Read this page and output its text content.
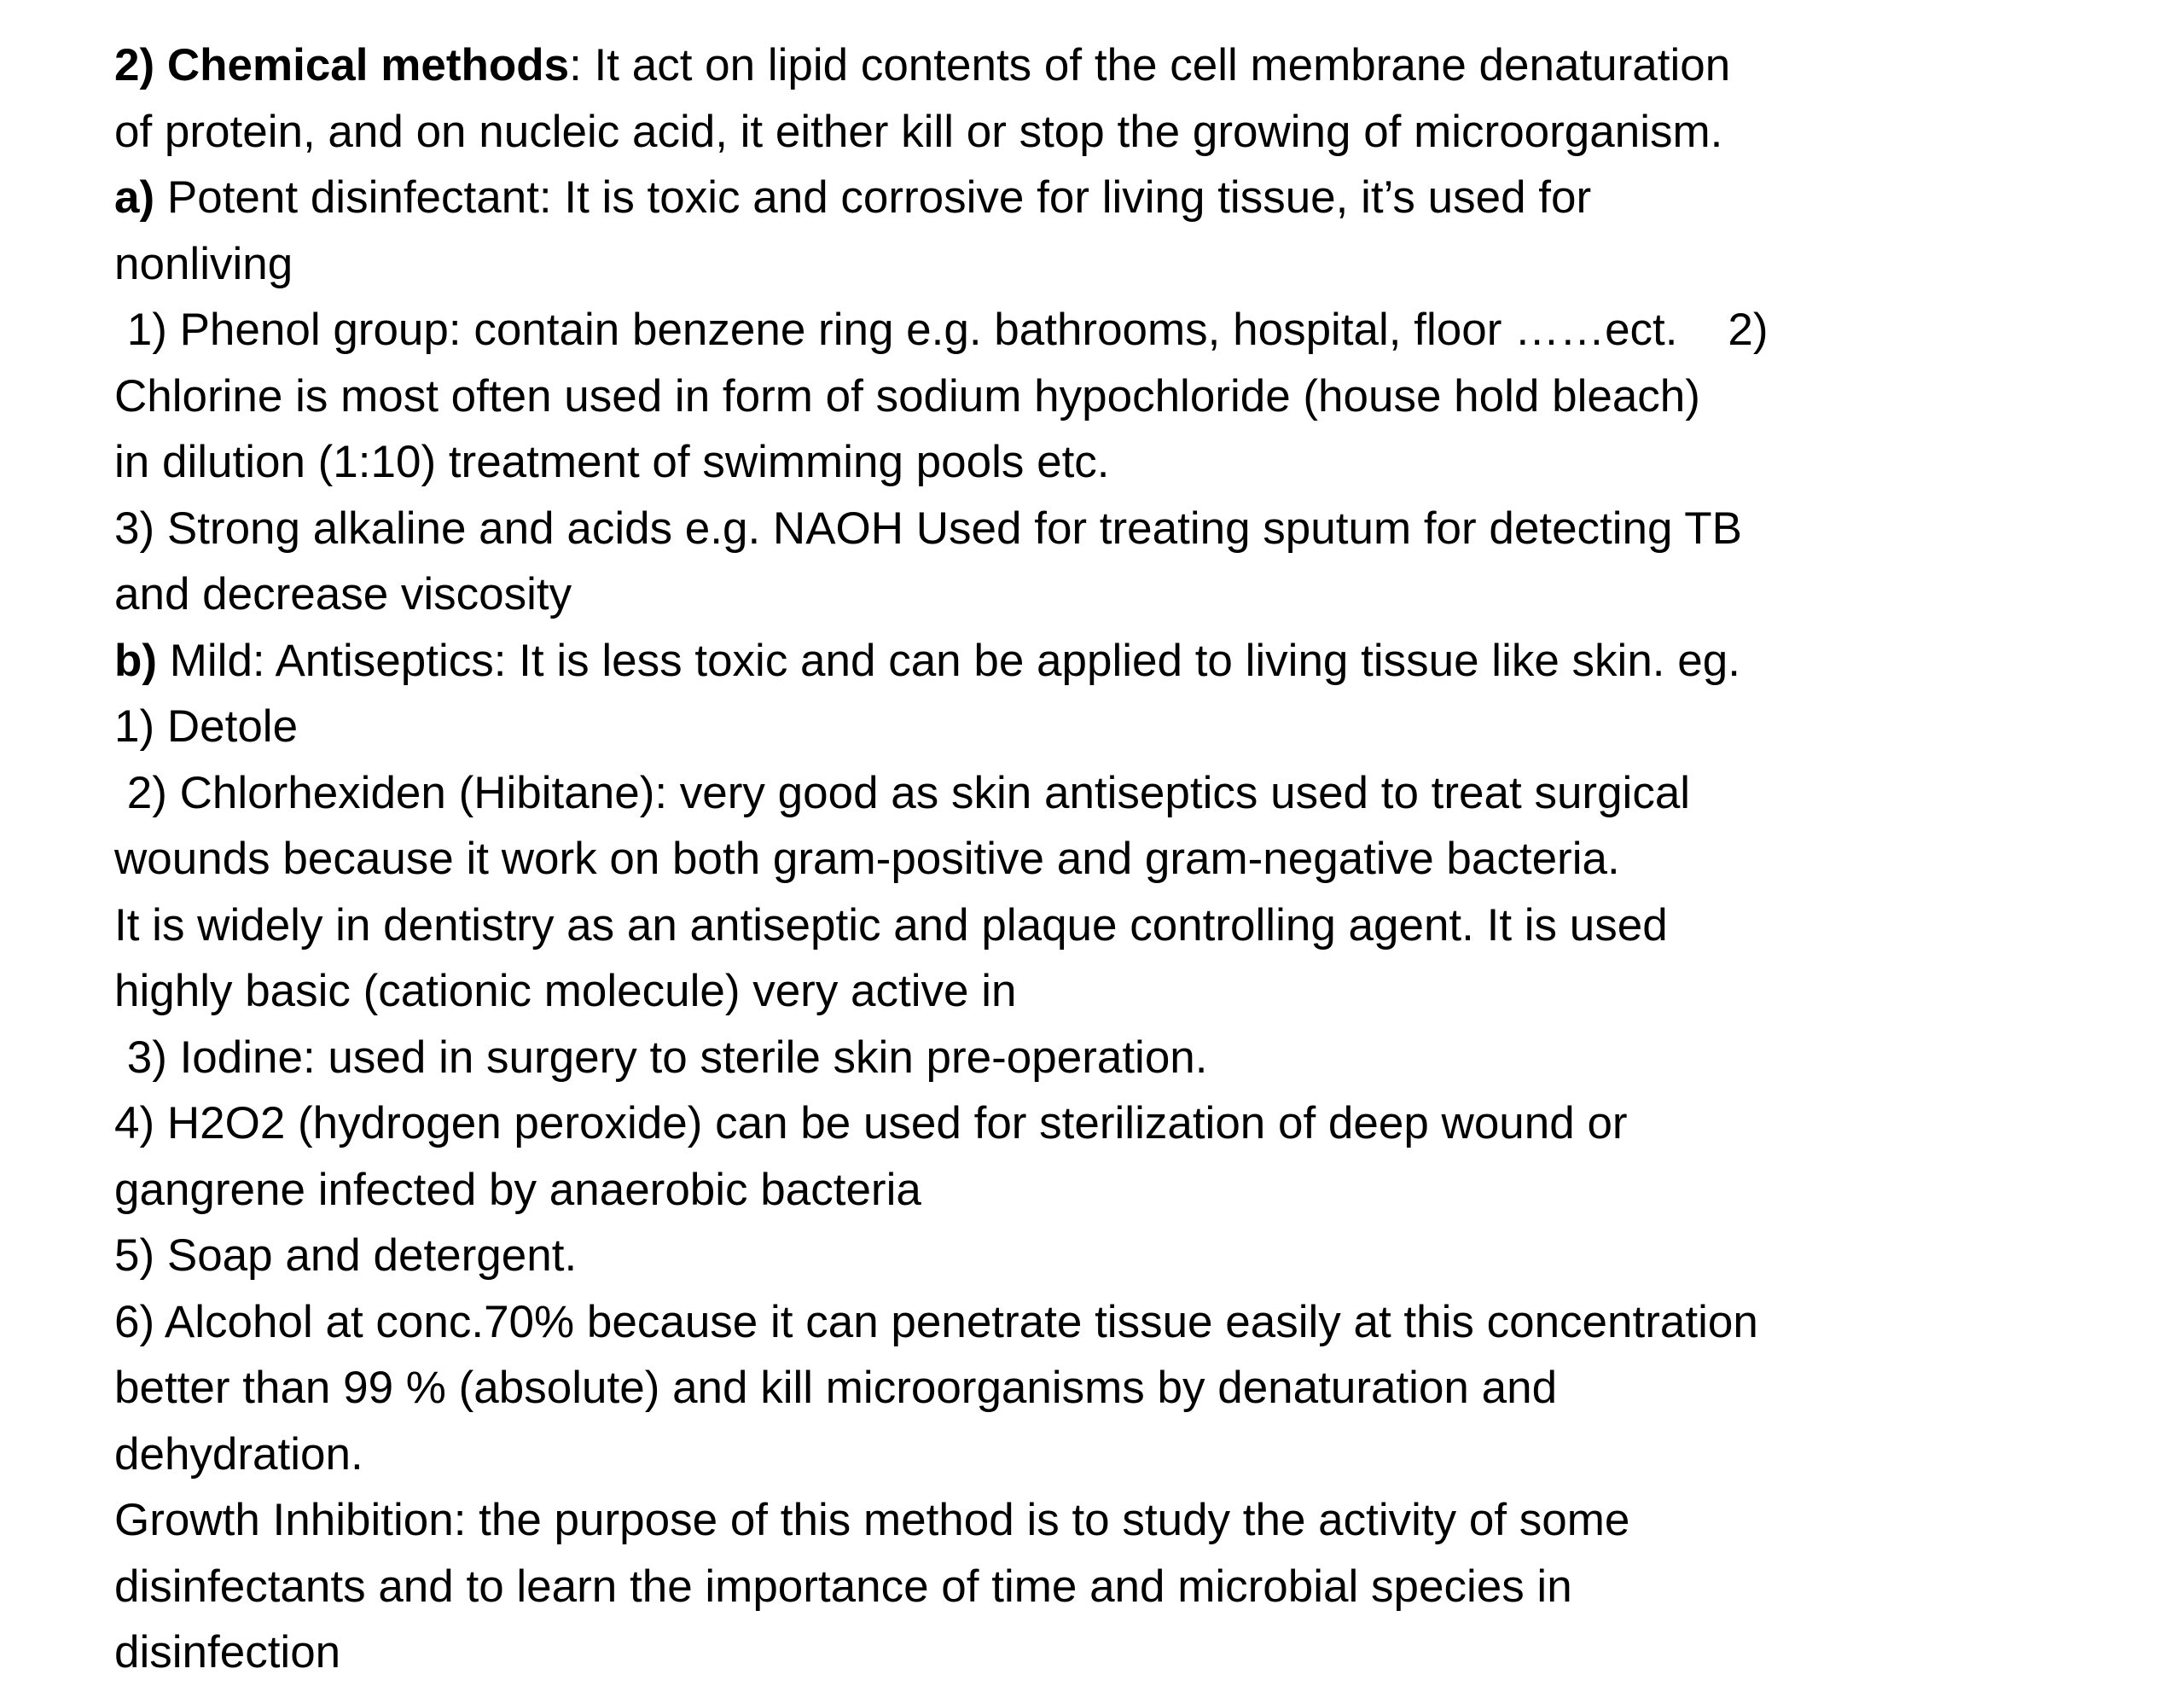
2) Chemical methods: It act on lipid contents of the cell membrane denaturation
of protein, and on nucleic acid, it either kill or stop the growing of microorganism.
a) Potent disinfectant: It is toxic and corrosive for living tissue, it’s used for
nonliving
1) Phenol group: contain benzene ring e.g. bathrooms, hospital, floor ……ect.    2)
Chlorine is most often used in form of sodium hypochloride (house hold bleach)
in dilution (1:10) treatment of swimming pools etc.
3) Strong alkaline and acids e.g. NAOH Used for treating sputum for detecting TB
and decrease viscosity
b) Mild: Antiseptics: It is less toxic and can be applied to living tissue like skin. eg.
1) Detole
2) Chlorhexiden (Hibitane): very good as skin antiseptics used to treat surgical
wounds because it work on both gram-positive and gram-negative bacteria.
It is widely in dentistry as an antiseptic and plaque controlling agent. It is used
highly basic (cationic molecule) very active in
3) Iodine: used in surgery to sterile skin pre-operation.
4) H2O2 (hydrogen peroxide) can be used for sterilization of deep wound or
gangrene infected by anaerobic bacteria
5) Soap and detergent.
6) Alcohol at conc.70% because it can penetrate tissue easily at this concentration
better than 99 % (absolute) and kill microorganisms by denaturation and
dehydration.
Growth Inhibition: the purpose of this method is to study the activity of some
disinfectants and to learn the importance of time and microbial species in
disinfection
